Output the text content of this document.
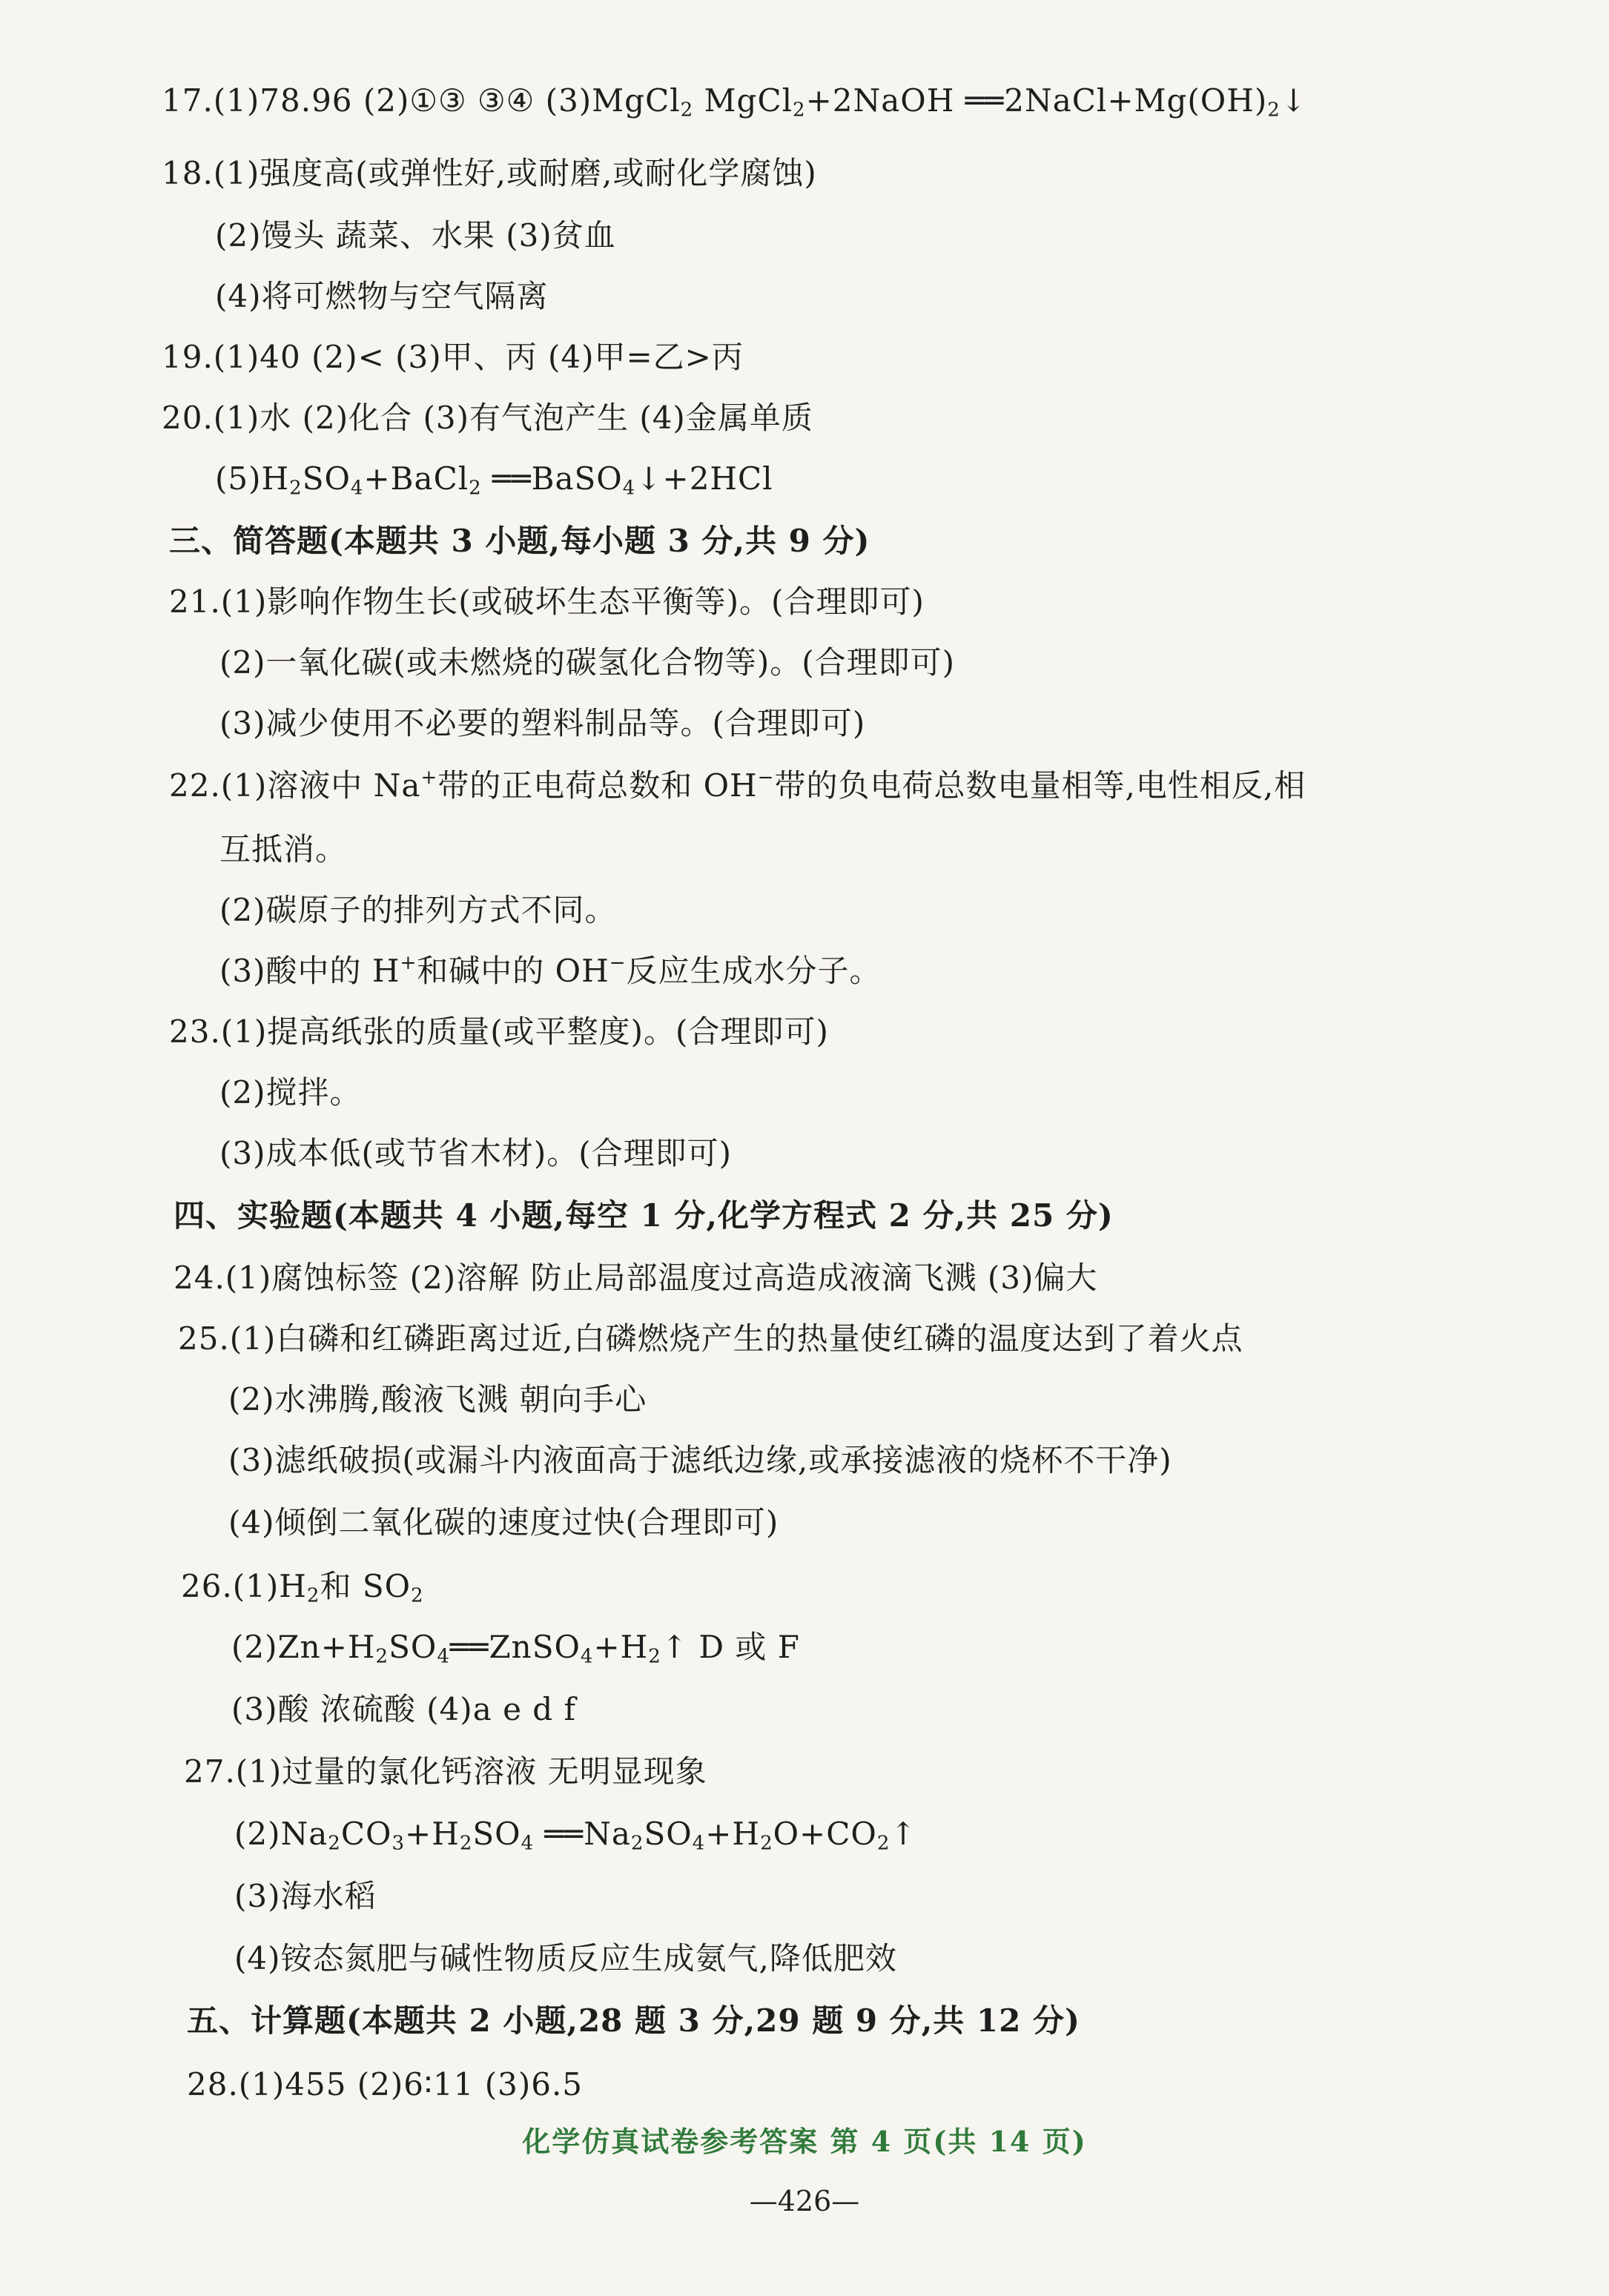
17.(1)78.96 (2)①③ ③④ (3)MgCl$_2$ MgCl$_2$+2NaOH $══2NaCl+Mg(OH)_2↓$
18.(1)强度高(或弹性好,或耐磨,或耐化学腐蚀)
(2)馒头 蔬菜、水果 (3)贫血
(4)将可燃物与空气隔离
19.(1)40 (2)< (3)甲、丙 (4)甲=乙>丙
20.(1)水 (2)化合 (3)有气泡产生 (4)金属单质
$(5)H_2SO_4+BaCl_2$ ══BaSO$_4$↓+2HCl
三、简答题(本题共 3 小题,每小题 3 分,共 9 分)
21.(1)影响作物生长(或破坏生态平衡等)。(合理即可)
(2)一氧化碳(或未燃烧的碳氢化合物等)。(合理即可)
(3)减少使用不必要的塑料制品等。(合理即可)
22.(1)溶液中 Na+带的正电荷总数和 OH−带的负电荷总数电量相等,电性相反,相
互抵消。
(2)碳原子的排列方式不同。
(3)酸中的 H+和碱中的 OH−反应生成水分子。
23.(1)提高纸张的质量(或平整度)。(合理即可)
(2)搅拌。
(3)成本低(或节省木材)。(合理即可)
四、实验题(本题共 4 小题,每空 1 分,化学方程式 2 分,共 25 分)
24.(1)腐蚀标签 (2)溶解 防止局部温度过高造成液滴飞溅 (3)偏大
25.(1)白磷和红磷距离过近,白磷燃烧产生的热量使红磷的温度达到了着火点
(2)水沸腾,酸液飞溅 朝向手心
(3)滤纸破损(或漏斗内液面高于滤纸边缘,或承接滤液的烧杯不干净)
(4)倾倒二氧化碳的速度过快(合理即可)
$26.(1)H_2$和 $SO_2$
$(2)Zn+H_2SO_4══ZnSO_4+H_2↑$ D 或 F
(3)酸 浓硫酸 (4)a e d f
27.(1)过量的氯化钙溶液 无明显现象
$(2)Na_2CO_3+H_2SO_4$ $══Na_2SO_4+H_2O+CO_2↑$
(3)海水稻
(4)铵态氮肥与碱性物质反应生成氨气,降低肥效
五、计算题(本题共 2 小题,28 题 3 分,29 题 9 分,共 12 分)
28.(1)455 (2)6∶11 (3)6.5
化学仿真试卷参考答案 第 4 页(共 14 页)
—426—
